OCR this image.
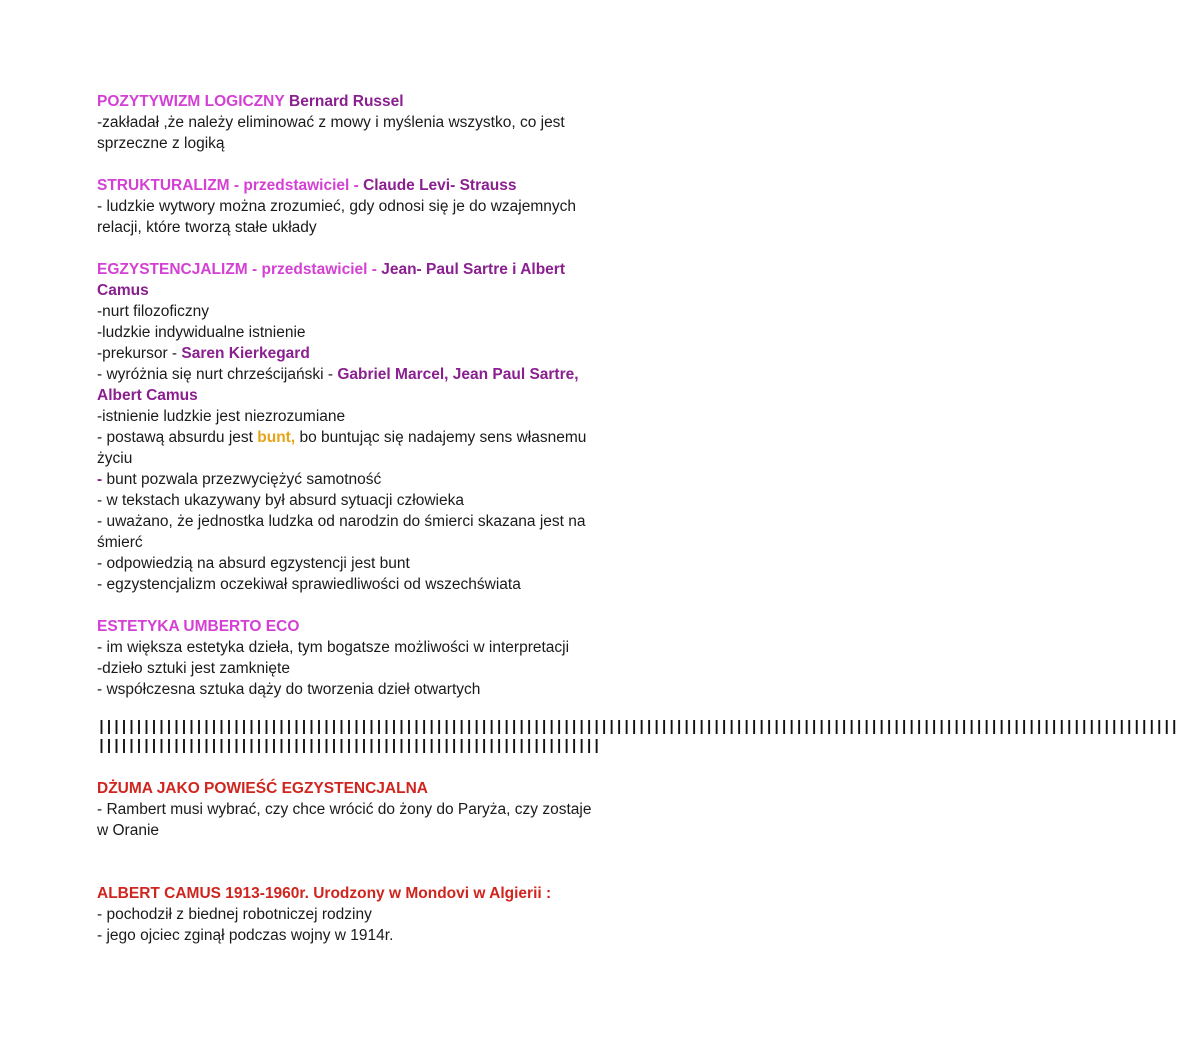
POZYTYWIZM LOGICZNY Bernard Russel
-zakładał ,że należy eliminować z mowy i myślenia wszystko, co jest
sprzeczne z logiką
STRUKTURALIZM - przedstawiciel - Claude Levi- Strauss
- ludzkie wytwory można zrozumieć, gdy odnosi się je do wzajemnych
relacji, które tworzą stałe układy
EGZYSTENCJALIZM - przedstawiciel - Jean- Paul Sartre i Albert
Camus
-nurt filozoficzny
-ludzkie indywidualne istnienie
-prekursor - Saren Kierkegard
- wyróżnia się nurt chrześcijański - Gabriel Marcel, Jean Paul Sartre,
Albert Camus
-istnienie ludzkie jest niezrozumiane
- postawą absurdu jest bunt, bo buntując się nadajemy sens własnemu
życiu
- bunt pozwala przezwyciężyć samotność
- w tekstach ukazywany był absurd sytuacji człowieka
- uważano, że jednostka ludzka od narodzin do śmierci skazana jest na
śmierć
- odpowiedzią na absurd egzystencji jest bunt
- egzystencjalizm oczekiwał sprawiedliwości od wszechświata
ESTETYKA UMBERTO ECO
- im większa estetyka dzieła, tym bogatsze możliwości w interpretacji
-dzieło sztuki jest zamknięte
- współczesna sztuka dąży do tworzenia dzieł otwartych
||||||||||||||||||||||||||||||||||||||||||||||||||||||||||||||||||||||||||||||||||||||||||||||||||||||||||||||||||||||||||||||||||||||||||||||||
|||||||||||||||||||||||||||||||||||||||||||||||||||||||||||||||||||
DŻUMA JAKO POWIEŚĆ EGZYSTENCJALNA
- Rambert musi wybrać, czy chce wrócić do żony do Paryża, czy zostaje
w Oranie
ALBERT CAMUS 1913-1960r. Urodzony w Mondovi w Algierii :
- pochodził z biednej robotniczej rodziny
- jego ojciec zginął podczas wojny w 1914r.
